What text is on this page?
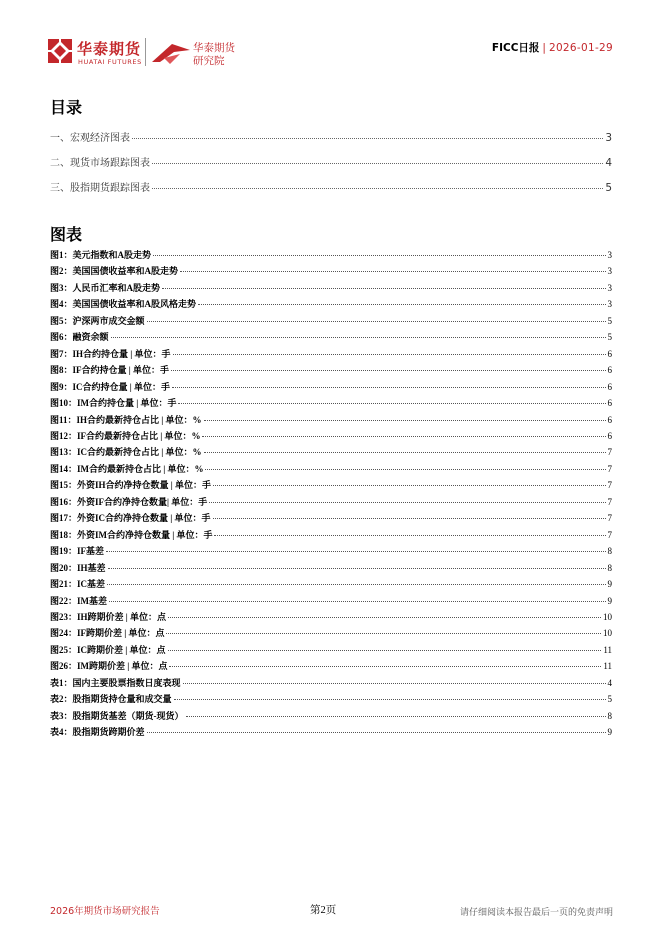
华泰期货
HUATAI FUTURES
华泰期货
研究院
FICC日报 | 2026-01-29
目录
一、宏观经济图表	3
二、现货市场跟踪图表	4
三、股指期货跟踪图表	5
图表
图1：美元指数和A股走势	3
图2：美国国债收益率和A股走势	3
图3：人民币汇率和A股走势	3
图4：美国国债收益率和A股风格走势	3
图5：沪深两市成交金额	5
图6：融资余额	5
图7：IH合约持仓量 | 单位：手	6
图8：IF合约持仓量 | 单位：手	6
图9：IC合约持仓量 | 单位：手	6
图10：IM合约持仓量 | 单位：手	6
图11：IH合约最新持仓占比 | 单位：%	6
图12：IF合约最新持仓占比 | 单位：%	6
图13：IC合约最新持仓占比 | 单位：%	7
图14：IM合约最新持仓占比 | 单位：%	7
图15：外资IH合约净持仓数量 | 单位：手	7
图16：外资IF合约净持仓数量| 单位：手	7
图17：外资IC合约净持仓数量 | 单位：手	7
图18：外资IM合约净持仓数量 | 单位：手	7
图19：IF基差	8
图20：IH基差	8
图21：IC基差	9
图22：IM基差	9
图23：IH跨期价差 | 单位：点	10
图24：IF跨期价差 | 单位：点	10
图25：IC跨期价差 | 单位：点	11
图26：IM跨期价差 | 单位：点	11
表1：国内主要股票指数日度表现	4
表2：股指期货持仓量和成交量	5
表3：股指期货基差（期货-现货）	8
表4：股指期货跨期价差	9
2026年期货市场研究报告	第2页	请仔细阅读本报告最后一页的免责声明
